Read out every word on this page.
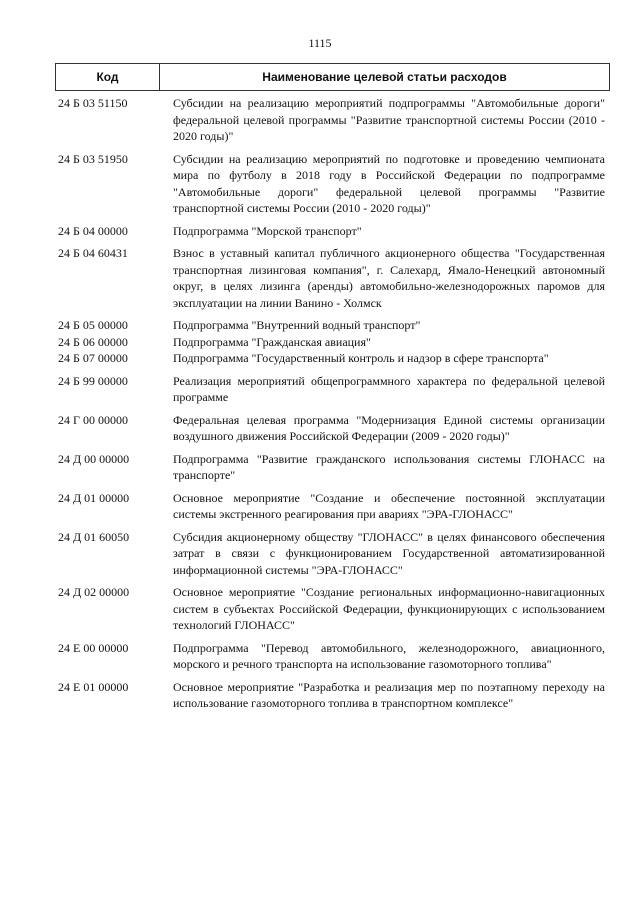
1115
Код	Наименование целевой статьи расходов
24 Б 03 51150	Субсидии на реализацию мероприятий подпрограммы "Автомобильные дороги" федеральной целевой программы "Развитие транспортной системы России (2010 - 2020 годы)"
24 Б 03 51950	Субсидии на реализацию мероприятий по подготовке и проведению чемпионата мира по футболу в 2018 году в Российской Федерации по подпрограмме "Автомобильные дороги" федеральной целевой программы "Развитие транспортной системы России (2010 - 2020 годы)"
24 Б 04 00000	Подпрограмма "Морской транспорт"
24 Б 04 60431	Взнос в уставный капитал публичного акционерного общества "Государственная транспортная лизинговая компания", г. Салехард, Ямало-Ненецкий автономный округ, в целях лизинга (аренды) автомобильно-железнодорожных паромов для эксплуатации на линии Ванино - Холмск
24 Б 05 00000	Подпрограмма "Внутренний водный транспорт"
24 Б 06 00000	Подпрограмма "Гражданская авиация"
24 Б 07 00000	Подпрограмма "Государственный контроль и надзор в сфере транспорта"
24 Б 99 00000	Реализация мероприятий общепрограммного характера по федеральной целевой программе
24 Г 00 00000	Федеральная целевая программа "Модернизация Единой системы организации воздушного движения Российской Федерации (2009 - 2020 годы)"
24 Д 00 00000	Подпрограмма "Развитие гражданского использования системы ГЛОНАСС на транспорте"
24 Д 01 00000	Основное мероприятие "Создание и обеспечение постоянной эксплуатации системы экстренного реагирования при авариях "ЭРА-ГЛОНАСС"
24 Д 01 60050	Субсидия акционерному обществу "ГЛОНАСС" в целях финансового обеспечения затрат в связи с функционированием Государственной автоматизированной информационной системы "ЭРА-ГЛОНАСС"
24 Д 02 00000	Основное мероприятие "Создание региональных информационно-навигационных систем в субъектах Российской Федерации, функционирующих с использованием технологий ГЛОНАСС"
24 Е 00 00000	Подпрограмма "Перевод автомобильного, железнодорожного, авиационного, морского и речного транспорта на использование газомоторного топлива"
24 Е 01 00000	Основное мероприятие "Разработка и реализация мер по поэтапному переходу на использование газомоторного топлива в транспортном комплексе"
